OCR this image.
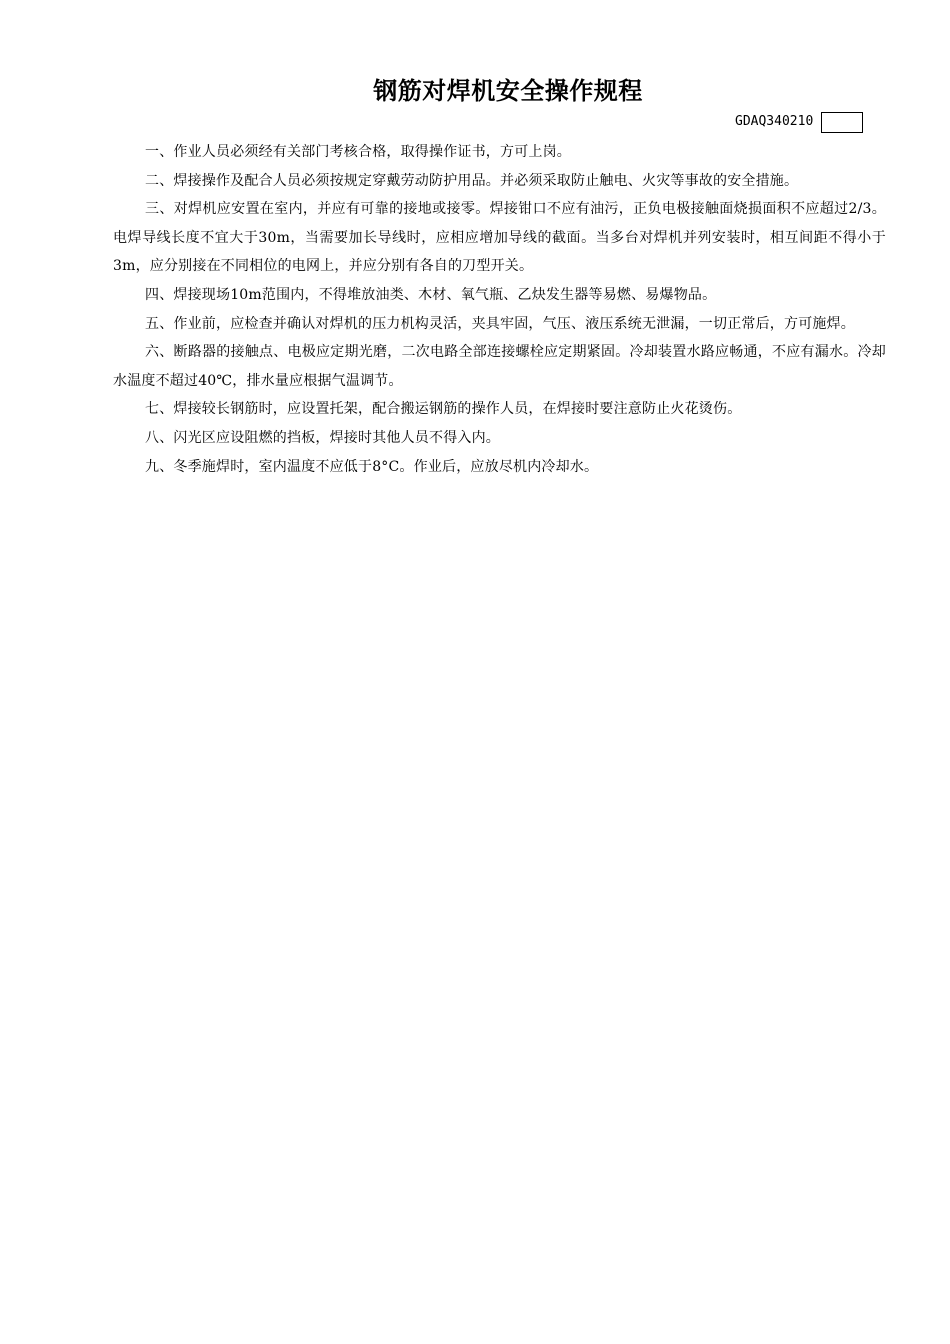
钢筋对焊机安全操作规程
GDAQ340210

一、作业人员必须经有关部门考核合格，取得操作证书，方可上岗。

二、焊接操作及配合人员必须按规定穿戴劳动防护用品。并必须采取防止触电、火灾等事故的安全措施。

三、对焊机应安置在室内，并应有可靠的接地或接零。焊接钳口不应有油污，正负电极接触面烧损面积不应超过2/3。电焊导线长度不宜大于30m，当需要加长导线时，应相应增加导线的截面。当多台对焊机并列安装时，相互间距不得小于3m，应分别接在不同相位的电网上，并应分别有各自的刀型开关。

四、焊接现场10m范围内，不得堆放油类、木材、氧气瓶、乙炔发生器等易燃、易爆物品。

五、作业前，应检查并确认对焊机的压力机构灵活，夹具牢固，气压、液压系统无泄漏，一切正常后，方可施焊。

六、断路器的接触点、电极应定期光磨，二次电路全部连接螺栓应定期紧固。冷却装置水路应畅通，不应有漏水。冷却水温度不超过40℃，排水量应根据气温调节。

七、焊接较长钢筋时，应设置托架，配合搬运钢筋的操作人员，在焊接时要注意防止火花烫伤。

八、闪光区应设阻燃的挡板，焊接时其他人员不得入内。

九、冬季施焊时，室内温度不应低于8°C。作业后，应放尽机内冷却水。
